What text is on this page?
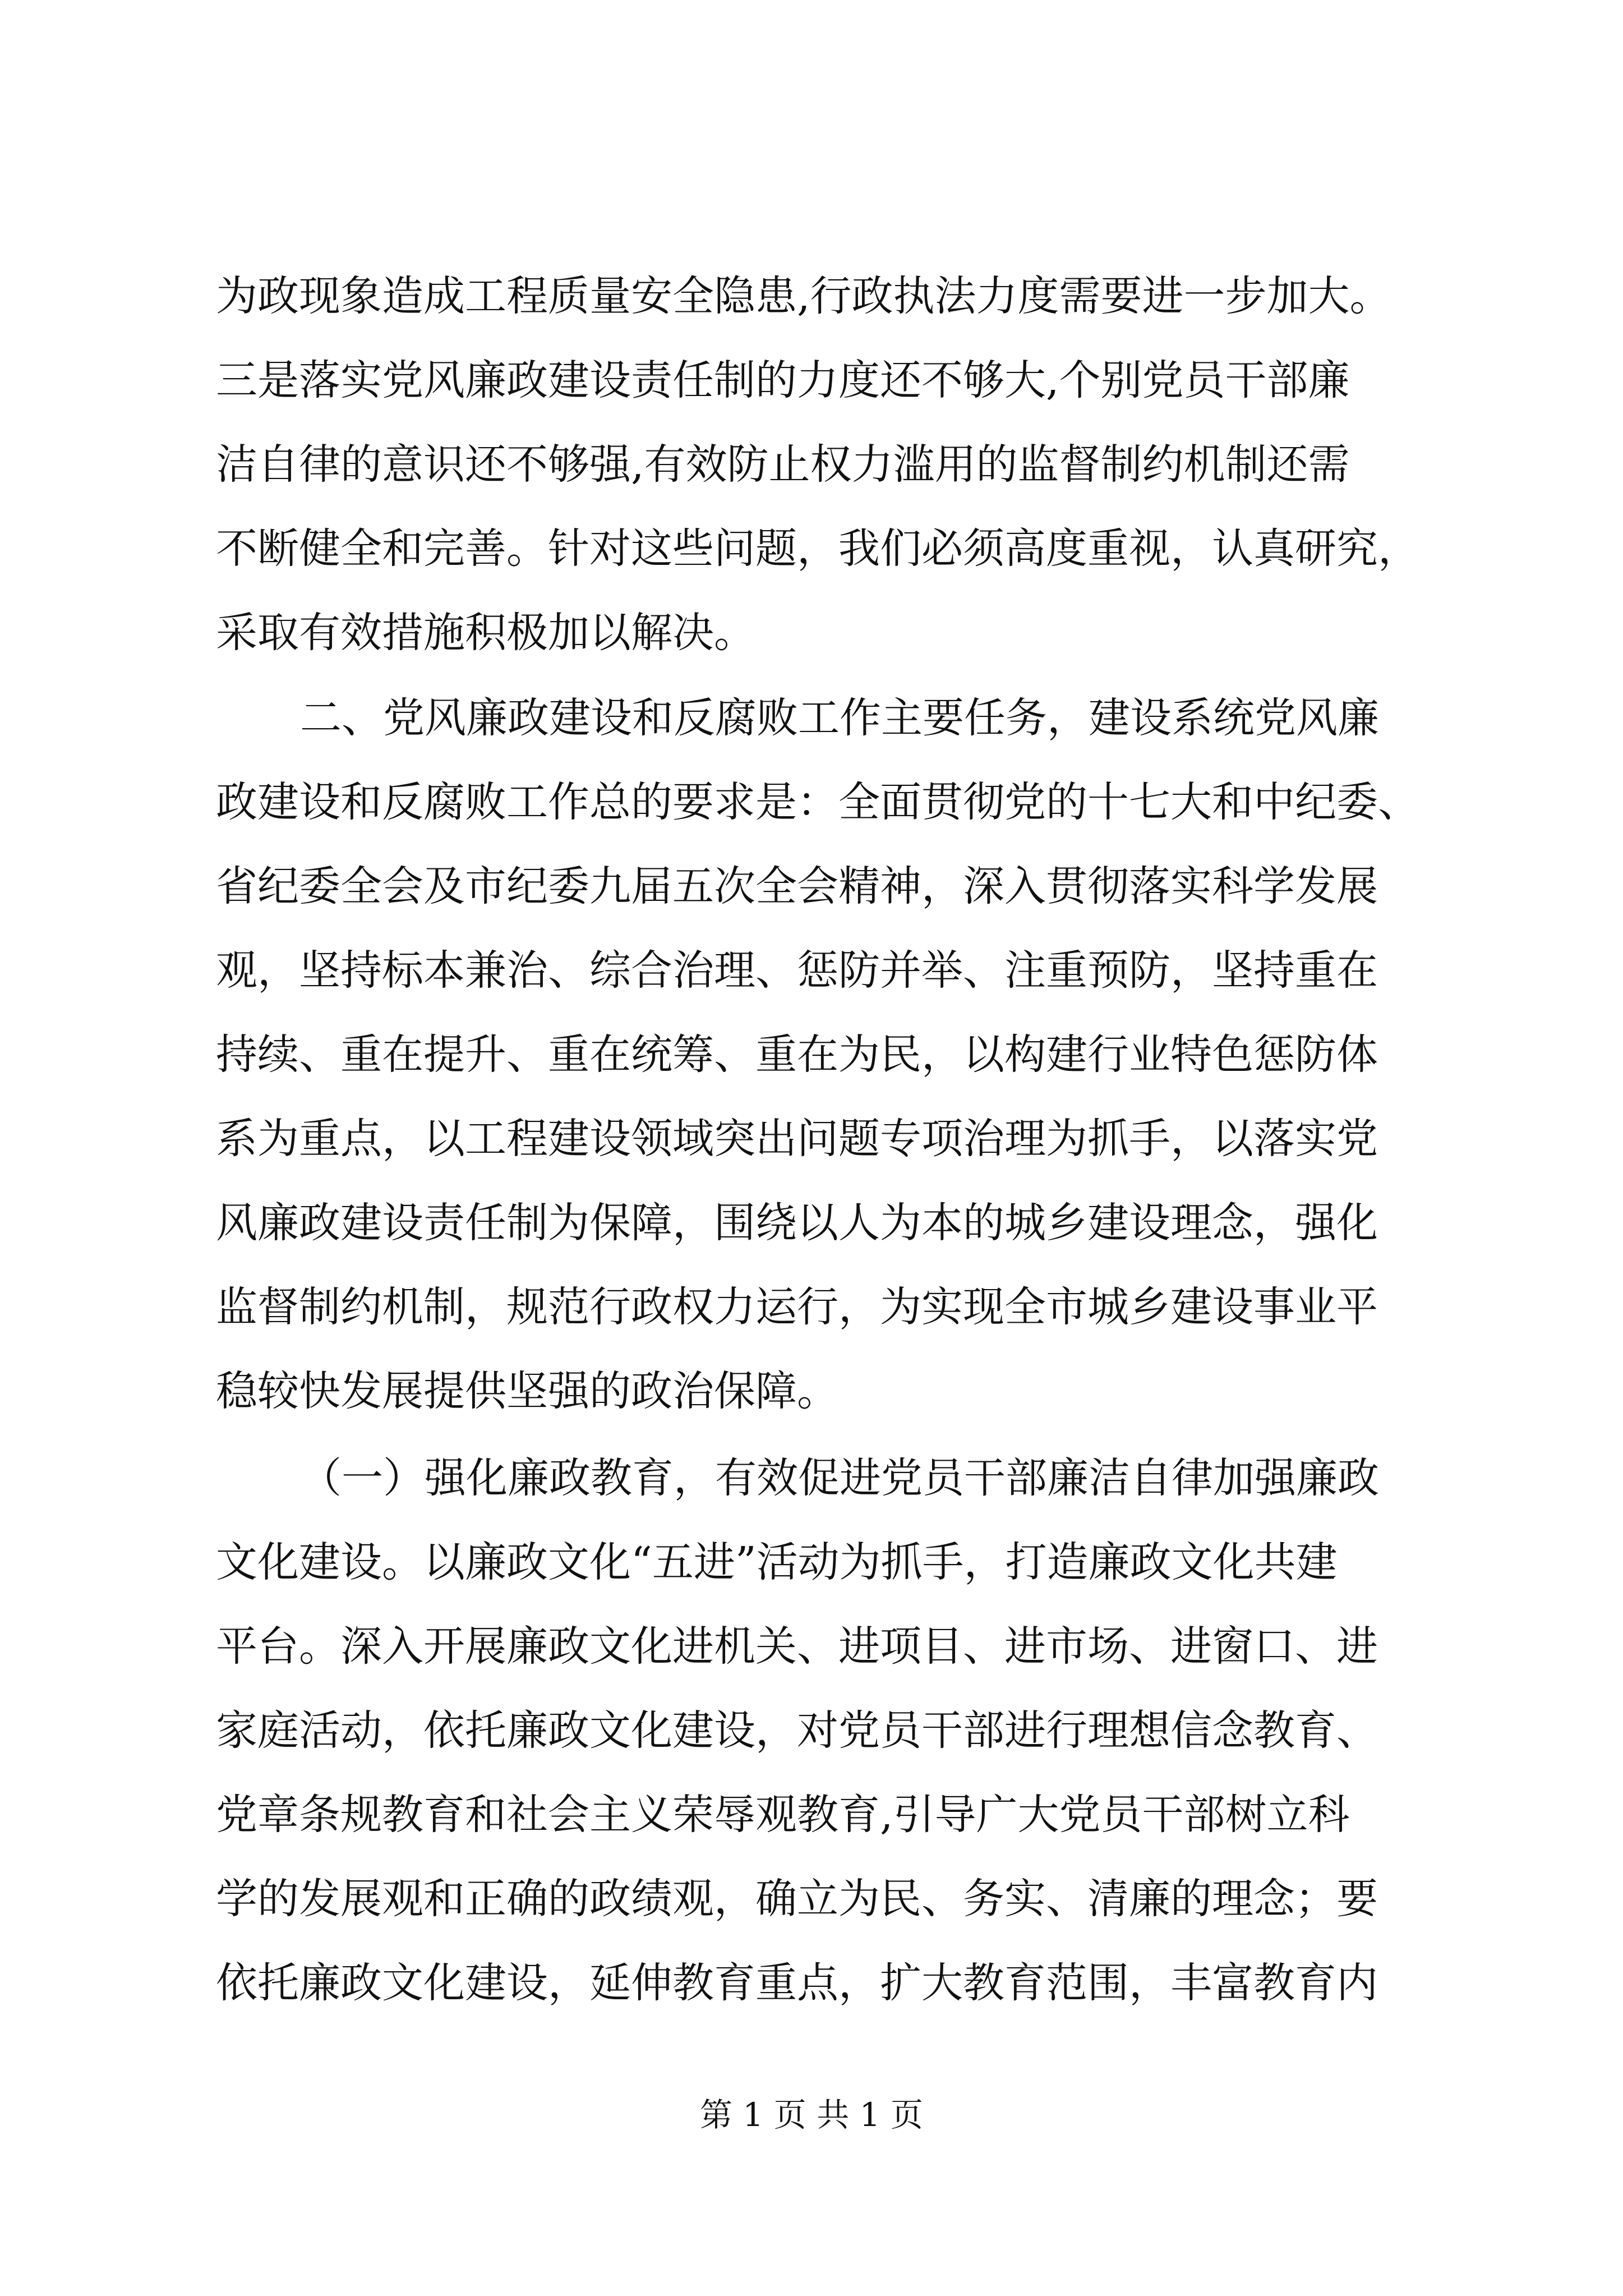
为政现象造成工程质量安全隐患,行政执法力度需要进一步加大。
三是落实党风廉政建设责任制的力度还不够大,个别党员干部廉
洁自律的意识还不够强,有效防止权力滥用的监督制约机制还需
不断健全和完善。针对这些问题，我们必须高度重视，认真研究，
采取有效措施积极加以解决。
二、党风廉政建设和反腐败工作主要任务，建设系统党风廉
政建设和反腐败工作总的要求是：全面贯彻党的十七大和中纪委、
省纪委全会及市纪委九届五次全会精神，深入贯彻落实科学发展
观，坚持标本兼治、综合治理、惩防并举、注重预防，坚持重在
持续、重在提升、重在统筹、重在为民，以构建行业特色惩防体
系为重点，以工程建设领域突出问题专项治理为抓手，以落实党
风廉政建设责任制为保障，围绕以人为本的城乡建设理念，强化
监督制约机制，规范行政权力运行，为实现全市城乡建设事业平
稳较快发展提供坚强的政治保障。
（一）强化廉政教育，有效促进党员干部廉洁自律加强廉政
文化建设。以廉政文化“五进”活动为抓手，打造廉政文化共建
平台。深入开展廉政文化进机关、进项目、进市场、进窗口、进
家庭活动，依托廉政文化建设，对党员干部进行理想信念教育、
党章条规教育和社会主义荣辱观教育,引导广大党员干部树立科
学的发展观和正确的政绩观，确立为民、务实、清廉的理念；要
依托廉政文化建设，延伸教育重点，扩大教育范围，丰富教育内
第 1 页 共 1 页
